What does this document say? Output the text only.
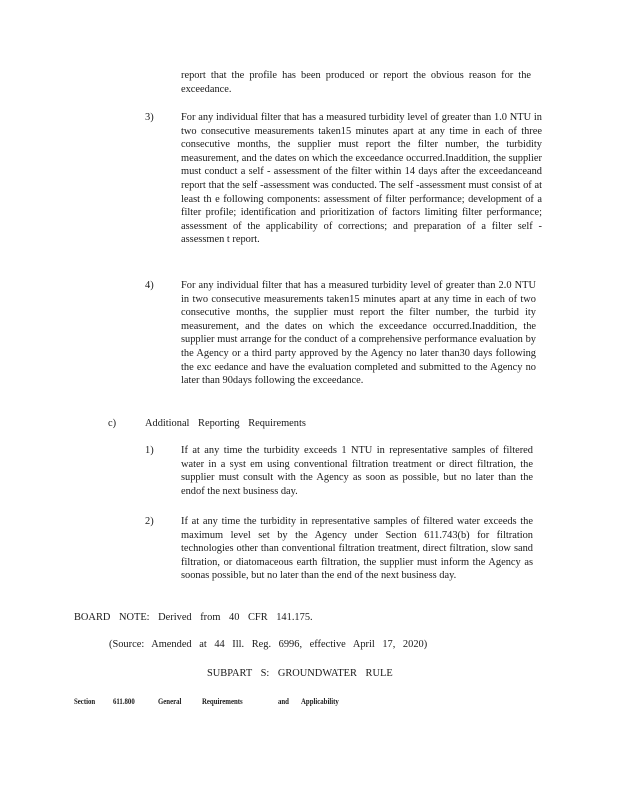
report that the profile has been produced or report the obvious reason for the exceedance.
3)	For any individual filter that has a measured turbidity level of greater than 1.0 NTU in two consecutive measurements taken15 minutes apart at any time in each of three consecutive months, the supplier must report the filter number, the turbidity measurement, and the dates on which the exceedance occurred.Inaddition, the supplier must conduct a self - assessment of the filter within 14 days after the exceedanceand report that the self -assessment was conducted. The self -assessment must consist of at least th e following components: assessment of filter performance; development of a filter profile; identification and prioritization of factors limiting filter performance; assessment of the applicability of corrections; and preparation of a filter self -assessmen t report.
4)	For any individual filter that has a measured turbidity level of greater than 2.0 NTU in two consecutive measurements taken15 minutes apart at any time in each of two consecutive months, the supplier must report the filter number, the turbid ity measurement, and the dates on which the exceedance occurred.Inaddition, the supplier must arrange for the conduct of a comprehensive performance evaluation by the Agency or a third party approved by the Agency no later than30 days following the exc eedance and have the evaluation completed and submitted to the Agency no later than 90days following the exceedance.
c)	Additional Reporting Requirements
1)	If at any time the turbidity exceeds 1 NTU in representative samples of filtered water in a syst em using conventional filtration treatment or direct filtration, the supplier must consult with the Agency as soon as possible, but no later than the endof the next business day.
2)	If at any time the turbidity in representative samples of filtered water exceeds the maximum level set by the Agency under Section 611.743(b) for filtration technologies other than conventional filtration treatment, direct filtration, slow sand filtration, or diatomaceous earth filtration, the supplier must inform the Agency as soonas possible, but no later than the end of the next business day.
BOARD NOTE: Derived from 40 CFR 141.175.
(Source: Amended at 44 Ill. Reg. 6996, effective April 17, 2020)
SUBPART S: GROUNDWATER RULE
Section 611.800	General	Requirements	and Applicability
